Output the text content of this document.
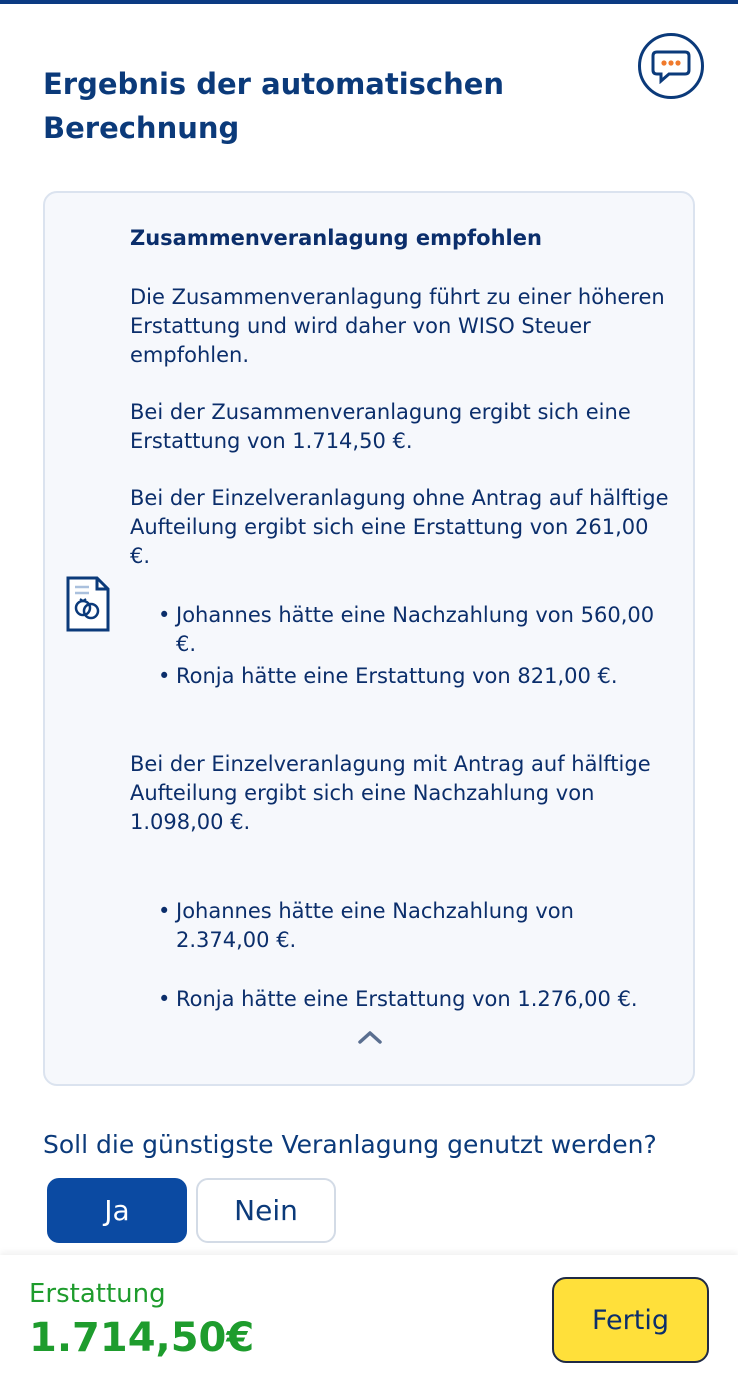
Ergebnis der automatischen Berechnung
Zusammenveranlagung empfohlen
Die Zusammenveranlagung führt zu einer höheren Erstattung und wird daher von WISO Steuer empfohlen.
Bei der Zusammenveranlagung ergibt sich eine Erstattung von 1.714,50 €.
Bei der Einzelveranlagung ohne Antrag auf hälftige Aufteilung ergibt sich eine Erstattung von 261,00 €.
• Johannes hätte eine Nachzahlung von 560,00 €.
• Ronja hätte eine Erstattung von 821,00 €.
Bei der Einzelveranlagung mit Antrag auf hälftige Aufteilung ergibt sich eine Nachzahlung von 1.098,00 €.
• Johannes hätte eine Nachzahlung von 2.374,00 €.
• Ronja hätte eine Erstattung von 1.276,00 €.
Soll die günstigste Veranlagung genutzt werden?
Ja	Nein
Erstattung
1.714,50€	Fertig
